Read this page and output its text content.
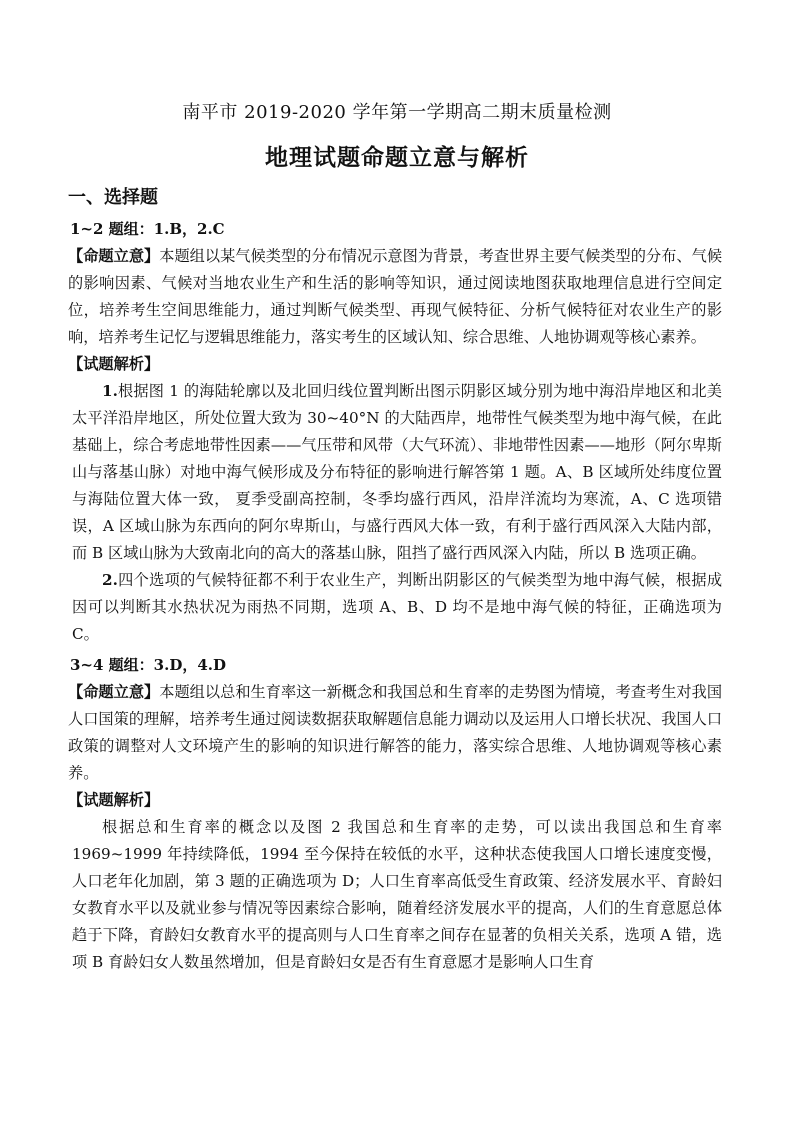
南平市 2019-2020 学年第一学期高二期末质量检测
地理试题命题立意与解析
一、选择题
1~2 题组：1.B，2.C

【命题立意】本题组以某气候类型的分布情况示意图为背景，考查世界主要气候类型的分布、气候的影响因素、气候对当地农业生产和生活的影响等知识，通过阅读地图获取地理信息进行空间定位，培养考生空间思维能力，通过判断气候类型、再现气候特征、分析气候特征对农业生产的影响，培养考生记忆与逻辑思维能力，落实考生的区域认知、综合思维、人地协调观等核心素养。

【试题解析】

1.根据图 1 的海陆轮廓以及北回归线位置判断出图示阴影区域分别为地中海沿岸地区和北美太平洋沿岸地区，所处位置大致为 30~40°N 的大陆西岸，地带性气候类型为地中海气候，在此基础上，综合考虑地带性因素——气压带和风带（大气环流）、非地带性因素——地形（阿尔卑斯山与落基山脉）对地中海气候形成及分布特征的影响进行解答第 1 题。A、B 区域所处纬度位置与海陆位置大体一致， 夏季受副高控制，冬季均盛行西风，沿岸洋流均为寒流，A、C 选项错误，A 区域山脉为东西向的阿尔卑斯山，与盛行西风大体一致，有利于盛行西风深入大陆内部，而 B 区域山脉为大致南北向的高大的落基山脉，阻挡了盛行西风深入内陆，所以 B 选项正确。

2.四个选项的气候特征都不利于农业生产，判断出阴影区的气候类型为地中海气候，根据成因可以判断其水热状况为雨热不同期，选项 A、B、D 均不是地中海气候的特征，正确选项为 C。

3~4 题组：3.D，4.D

【命题立意】本题组以总和生育率这一新概念和我国总和生育率的走势图为情境，考查考生对我国人口国策的理解，培养考生通过阅读数据获取解题信息能力调动以及运用人口增长状况、我国人口政策的调整对人文环境产生的影响的知识进行解答的能力，落实综合思维、人地协调观等核心素养。

【试题解析】

根据总和生育率的概念以及图 2 我国总和生育率的走势，可以读出我国总和生育率 1969~1999 年持续降低，1994 至今保持在较低的水平，这种状态使我国人口增长速度变慢，人口老年化加剧，第 3 题的正确选项为 D；人口生育率高低受生育政策、经济发展水平、育龄妇女教育水平以及就业参与情况等因素综合影响，随着经济发展水平的提高，人们的生育意愿总体趋于下降，育龄妇女教育水平的提高则与人口生育率之间存在显著的负相关关系，选项 A 错，选项 B 育龄妇女人数虽然增加，但是育龄妇女是否有生育意愿才是影响人口生育
